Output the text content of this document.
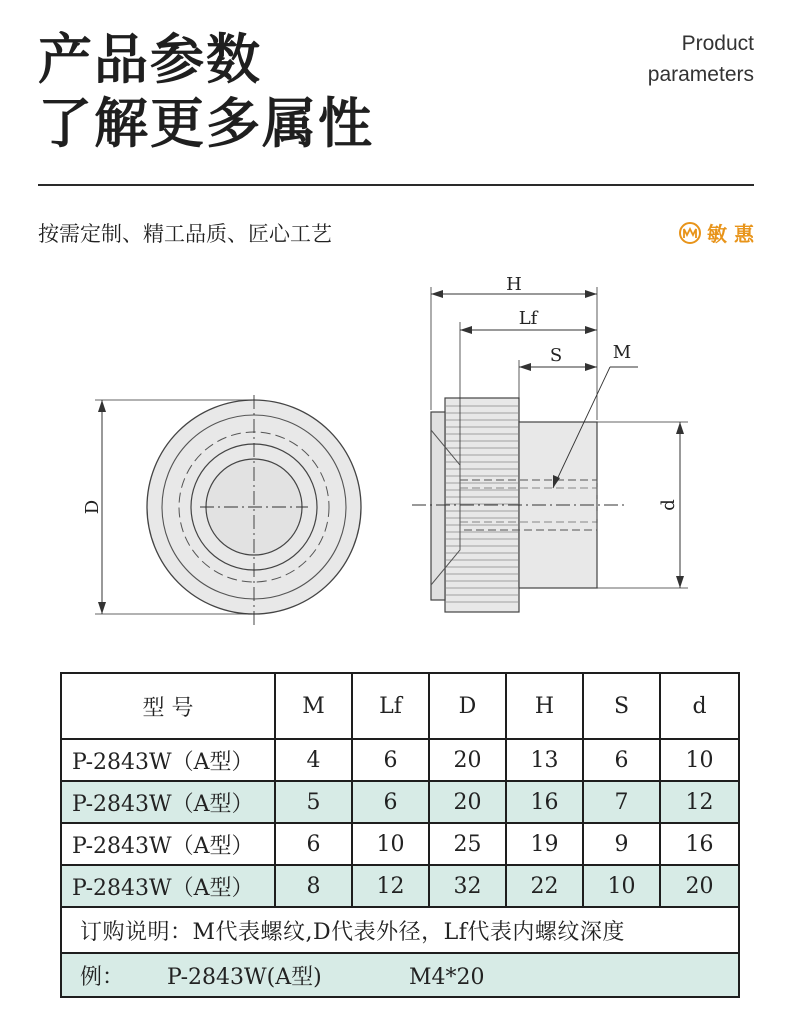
产品参数
了解更多属性
Product
parameters
按需定制、精工品质、匠心工艺	敏 惠
D
H
Lf
S	M
d
型 号	M	Lf	D	H	S	d
P-2843W（A型）	4	6	20	13	6	10
P-2843W（A型）	5	6	20	16	7	12
P-2843W（A型）	6	10	25	19	9	16
P-2843W（A型）	8	12	32	22	10	20
订购说明：M代表螺纹,D代表外径，Lf代表内螺纹深度						
例： P-2843W(A型) M4*20						
